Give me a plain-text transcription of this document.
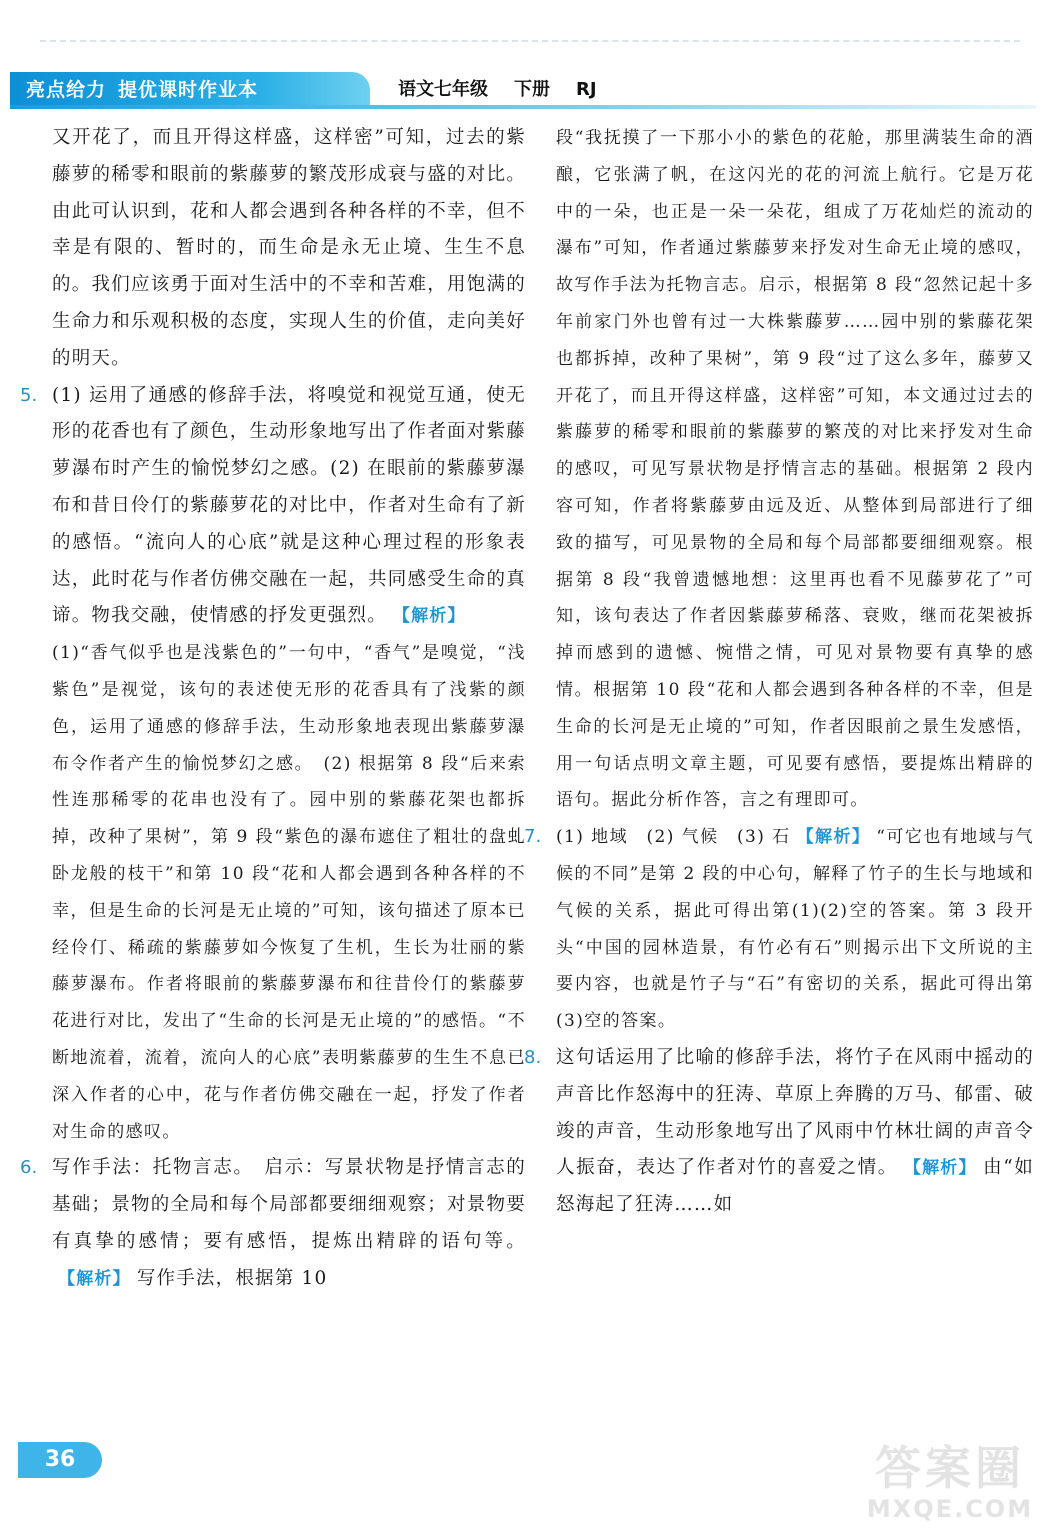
亮点给力 提优课时作业本	语文七年级 下册 RJ

又开花了，而且开得这样盛，这样密”可知，过去的紫藤萝的稀零和眼前的紫藤萝的繁茂形成衰与盛的对比。由此可认识到，花和人都会遇到各种各样的不幸，但不幸是有限的、暂时的，而生命是永无止境、生生不息的。我们应该勇于面对生活中的不幸和苦难，用饱满的生命力和乐观积极的态度，实现人生的价值，走向美好的明天。

5. (1) 运用了通感的修辞手法，将嗅觉和视觉互通，使无形的花香也有了颜色，生动形象地写出了作者面对紫藤萝瀑布时产生的愉悦梦幻之感。(2) 在眼前的紫藤萝瀑布和昔日伶仃的紫藤萝花的对比中，作者对生命有了新的感悟。“流向人的心底”就是这种心理过程的形象表达，此时花与作者仿佛交融在一起，共同感受生命的真谛。物我交融，使情感的抒发更强烈。 【解析】

(1)“香气似乎也是浅紫色的”一句中，“香气”是嗅觉，“浅紫色”是视觉，该句的表述使无形的花香具有了浅紫的颜色，运用了通感的修辞手法，生动形象地表现出紫藤萝瀑布令作者产生的愉悦梦幻之感。　(2) 根据第 8 段“后来索性连那稀零的花串也没有了。园中别的紫藤花架也都拆掉，改种了果树”，第 9 段“紫色的瀑布遮住了粗壮的盘虬卧龙般的枝干”和第 10 段“花和人都会遇到各种各样的不幸，但是生命的长河是无止境的”可知，该句描述了原本已经伶仃、稀疏的紫藤萝如今恢复了生机，生长为壮丽的紫藤萝瀑布。作者将眼前的紫藤萝瀑布和往昔伶仃的紫藤萝花进行对比，发出了“生命的长河是无止境的”的感悟。“不断地流着，流着，流向人的心底”表明紫藤萝的生生不息已深入作者的心中，花与作者仿佛交融在一起，抒发了作者对生命的感叹。

6. 写作手法：托物言志。　启示：写景状物是抒情言志的基础；景物的全局和每个局部都要细细观察；对景物要有真挚的感情；要有感悟，提炼出精辟的语句等。【解析】 写作手法，根据第 10

段“我抚摸了一下那小小的紫色的花舱，那里满装生命的酒酿，它张满了帆，在这闪光的花的河流上航行。它是万花中的一朵，也正是一朵一朵花，组成了万花灿烂的流动的瀑布”可知，作者通过紫藤萝来抒发对生命无止境的感叹，故写作手法为托物言志。启示，根据第 8 段“忽然记起十多年前家门外也曾有过一大株紫藤萝……园中别的紫藤花架也都拆掉，改种了果树”，第 9 段“过了这么多年，藤萝又开花了，而且开得这样盛，这样密”可知，本文通过过去的紫藤萝的稀零和眼前的紫藤萝的繁茂的对比来抒发对生命的感叹，可见写景状物是抒情言志的基础。根据第 2 段内容可知，作者将紫藤萝由远及近、从整体到局部进行了细致的描写，可见景物的全局和每个局部都要细细观察。根据第 8 段“我曾遗憾地想：这里再也看不见藤萝花了”可知，该句表达了作者因紫藤萝稀落、衰败，继而花架被拆掉而感到的遗憾、惋惜之情，可见对景物要有真挚的感情。根据第 10 段“花和人都会遇到各种各样的不幸，但是生命的长河是无止境的”可知，作者因眼前之景生发感悟，用一句话点明文章主题，可见要有感悟，要提炼出精辟的语句。据此分析作答，言之有理即可。

7. (1) 地域　(2) 气候　(3) 石 【解析】 “可它也有地域与气候的不同”是第 2 段的中心句，解释了竹子的生长与地域和气候的关系，据此可得出第(1)(2)空的答案。第 3 段开头“中国的园林造景，有竹必有石”则揭示出下文所说的主要内容，也就是竹子与“石”有密切的关系，据此可得出第(3)空的答案。

8. 这句话运用了比喻的修辞手法，将竹子在风雨中摇动的声音比作怒海中的狂涛、草原上奔腾的万马、郁雷、破竣的声音，生动形象地写出了风雨中竹林壮阔的声音令人振奋，表达了作者对竹的喜爱之情。 【解析】 由“如怒海起了狂涛……如

36	答案圈
MXQE.COM
